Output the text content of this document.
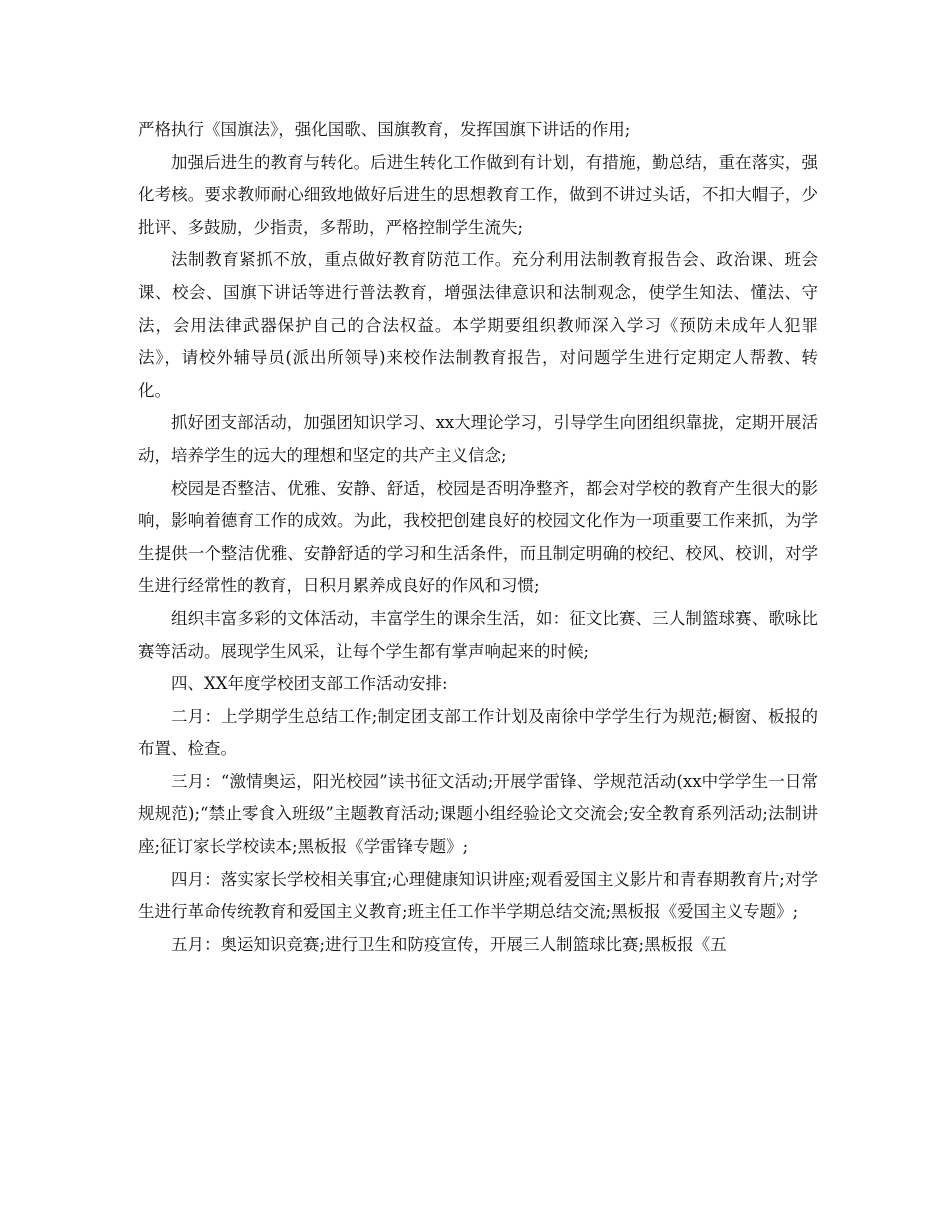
严格执行《国旗法》，强化国歌、国旗教育，发挥国旗下讲话的作用;

加强后进生的教育与转化。后进生转化工作做到有计划，有措施，勤总结，重在落实，强化考核。要求教师耐心细致地做好后进生的思想教育工作，做到不讲过头话，不扣大帽子，少批评、多鼓励，少指责，多帮助，严格控制学生流失;

法制教育紧抓不放，重点做好教育防范工作。充分利用法制教育报告会、政治课、班会课、校会、国旗下讲话等进行普法教育，增强法律意识和法制观念，使学生知法、懂法、守法，会用法律武器保护自己的合法权益。本学期要组织教师深入学习《预防未成年人犯罪法》，请校外辅导员(派出所领导)来校作法制教育报告，对问题学生进行定期定人帮教、转化。

抓好团支部活动，加强团知识学习、xx大理论学习，引导学生向团组织靠拢，定期开展活动，培养学生的远大的理想和坚定的共产主义信念;

校园是否整洁、优雅、安静、舒适，校园是否明净整齐，都会对学校的教育产生很大的影响，影响着德育工作的成效。为此，我校把创建良好的校园文化作为一项重要工作来抓，为学生提供一个整洁优雅、安静舒适的学习和生活条件，而且制定明确的校纪、校风、校训，对学生进行经常性的教育，日积月累养成良好的作风和习惯;

组织丰富多彩的文体活动，丰富学生的课余生活，如：征文比赛、三人制篮球赛、歌咏比赛等活动。展现学生风采，让每个学生都有掌声响起来的时候;

四、XX年度学校团支部工作活动安排:

二月：上学期学生总结工作;制定团支部工作计划及南徐中学学生行为规范;橱窗、板报的布置、检查。

三月：“激情奥运，阳光校园”读书征文活动;开展学雷锋、学规范活动(xx中学学生一日常规规范);“禁止零食入班级”主题教育活动;课题小组经验论文交流会;安全教育系列活动;法制讲座;征订家长学校读本;黑板报《学雷锋专题》;

四月：落实家长学校相关事宜;心理健康知识讲座;观看爱国主义影片和青春期教育片;对学生进行革命传统教育和爱国主义教育;班主任工作半学期总结交流;黑板报《爱国主义专题》;

五月：奥运知识竞赛;进行卫生和防疫宣传，开展三人制篮球比赛;黑板报《五
